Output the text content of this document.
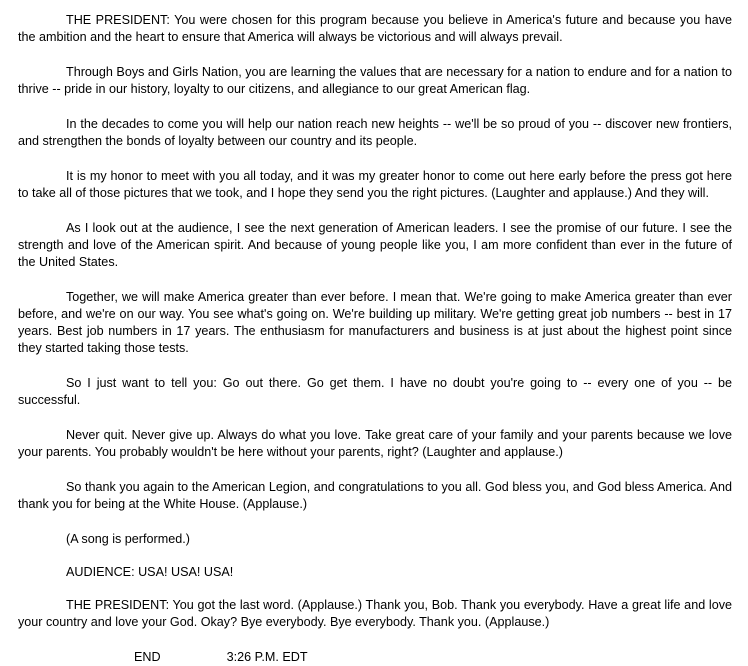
THE PRESIDENT: You were chosen for this program because you believe in America's future and because you have the ambition and the heart to ensure that America will always be victorious and will always prevail.

Through Boys and Girls Nation, you are learning the values that are necessary for a nation to endure and for a nation to thrive -- pride in our history, loyalty to our citizens, and allegiance to our great American flag.

In the decades to come you will help our nation reach new heights -- we'll be so proud of you -- discover new frontiers, and strengthen the bonds of loyalty between our country and its people.

It is my honor to meet with you all today, and it was my greater honor to come out here early before the press got here to take all of those pictures that we took, and I hope they send you the right pictures. (Laughter and applause.) And they will.

As I look out at the audience, I see the next generation of American leaders. I see the promise of our future. I see the strength and love of the American spirit. And because of young people like you, I am more confident than ever in the future of the United States.

Together, we will make America greater than ever before. I mean that. We're going to make America greater than ever before, and we're on our way. You see what's going on. We're building up military. We're getting great job numbers -- best in 17 years. Best job numbers in 17 years. The enthusiasm for manufacturers and business is at just about the highest point since they started taking those tests.

So I just want to tell you: Go out there. Go get them. I have no doubt you're going to -- every one of you -- be successful.

Never quit. Never give up. Always do what you love. Take great care of your family and your parents because we love your parents. You probably wouldn't be here without your parents, right? (Laughter and applause.)

So thank you again to the American Legion, and congratulations to you all. God bless you, and God bless America. And thank you for being at the White House. (Applause.)

(A song is performed.)

AUDIENCE: USA! USA! USA!

THE PRESIDENT: You got the last word. (Applause.) Thank you, Bob. Thank you everybody. Have a great life and love your country and love your God. Okay? Bye everybody. Bye everybody. Thank you. (Applause.)

END	3:26 P.M. EDT
